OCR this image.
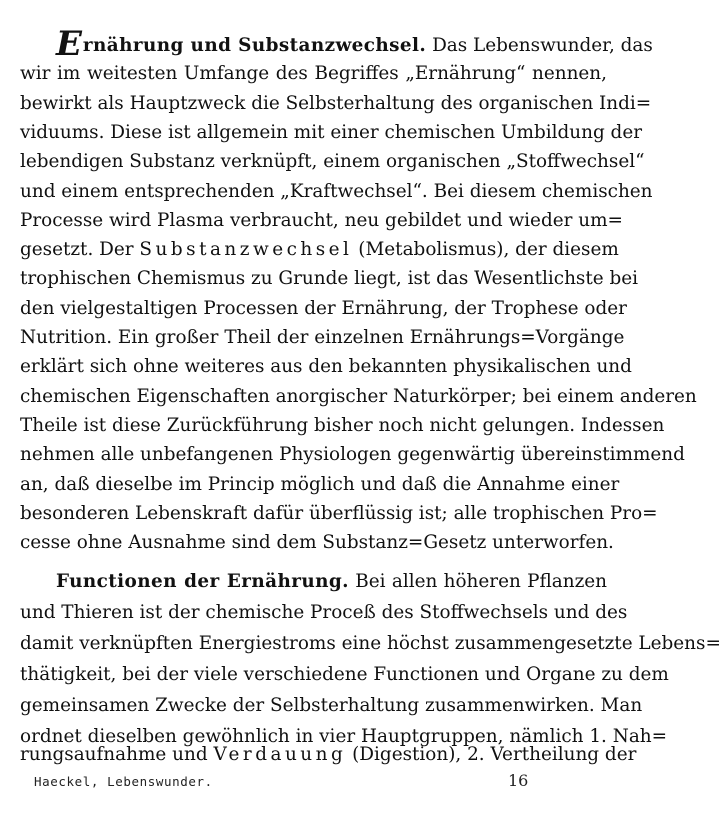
Ernährung und Substanzwechsel. Das Lebenswunder, das
wir im weitesten Umfange des Begriffes „Ernährung“ nennen,
bewirkt als Hauptzweck die Selbsterhaltung des organischen Indi=
viduums. Diese ist allgemein mit einer chemischen Umbildung der
lebendigen Substanz verknüpft, einem organischen „Stoffwechsel“
und einem entsprechenden „Kraftwechsel“. Bei diesem chemischen
Processe wird Plasma verbraucht, neu gebildet und wieder um=
gesetzt. Der Substanzwechsel (Metabolismus), der diesem
trophischen Chemismus zu Grunde liegt, ist das Wesentlichste bei
den vielgestaltigen Processen der Ernährung, der Trophese oder
Nutrition. Ein großer Theil der einzelnen Ernährungs=Vorgänge
erklärt sich ohne weiteres aus den bekannten physikalischen und
chemischen Eigenschaften anorgischer Naturkörper; bei einem anderen
Theile ist diese Zurückführung bisher noch nicht gelungen. Indessen
nehmen alle unbefangenen Physiologen gegenwärtig übereinstimmend
an, daß dieselbe im Princip möglich und daß die Annahme einer
besonderen Lebenskraft dafür überflüssig ist; alle trophischen Pro=
cesse ohne Ausnahme sind dem Substanz=Gesetz unterworfen.
Functionen der Ernährung. Bei allen höheren Pflanzen
und Thieren ist der chemische Proceß des Stoffwechsels und des
damit verknüpften Energiestroms eine höchst zusammengesetzte Lebens=
thätigkeit, bei der viele verschiedene Functionen und Organe zu dem
gemeinsamen Zwecke der Selbsterhaltung zusammenwirken. Man
ordnet dieselben gewöhnlich in vier Hauptgruppen, nämlich 1. Nah=
Haeckel, Lebenswunder.	16
rungsaufnahme und Verdauung (Digestion), 2. Vertheilung der
